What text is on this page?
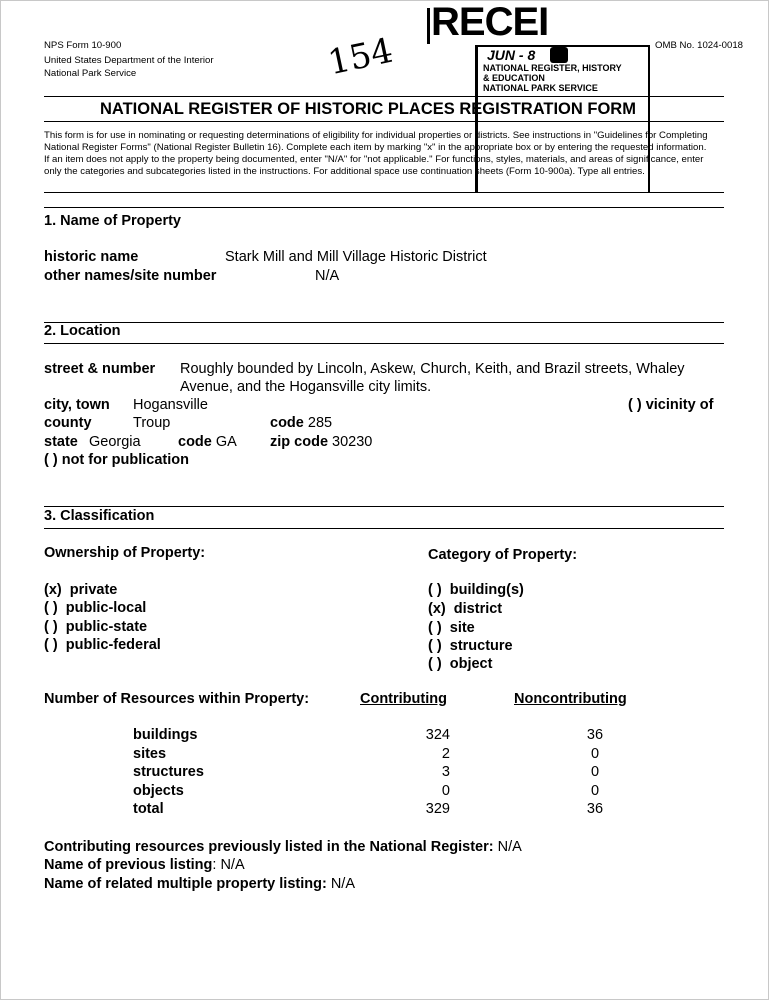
NPS Form 10-900
United States Department of the Interior
National Park Service
OMB No. 1024-0018
154
RECEI
JUN - 8
NATIONAL REGISTER, HISTORY
& EDUCATION
NATIONAL PARK SERVICE
NATIONAL REGISTER OF HISTORIC PLACES REGISTRATION FORM
This form is for use in nominating or requesting determinations of eligibility for individual properties or districts. See instructions in "Guidelines for Completing
National Register Forms" (National Register Bulletin 16). Complete each item by marking "x" in the appropriate box or by entering the requested information.
If an item does not apply to the property being documented, enter "N/A" for "not applicable." For functions, styles, materials, and areas of significance, enter
only the categories and subcategories listed in the instructions. For additional space use continuation sheets (Form 10-900a). Type all entries.
1. Name of Property
historic name	Stark Mill and Mill Village Historic District
other names/site number	N/A
2. Location
street & number Roughly bounded by Lincoln, Askew, Church, Keith, and Brazil streets, Whaley
Avenue, and the Hogansville city limits.
city, town Hogansville	( ) vicinity of
county	Troup	code 285
state Georgia	code GA zip code 30230
( ) not for publication
3. Classification
Ownership of Property:	Category of Property:
(x) private
( ) public-local
( ) public-state
( ) public-federal
( ) building(s)
(x) district
( ) site
( ) structure
( ) object
Number of Resources within Property:	Contributing	Noncontributing
buildings	324	36
sites	2	0
structures	3	0
objects	0	0
total	329	36
Contributing resources previously listed in the National Register: N/A
Name of previous listing: N/A
Name of related multiple property listing: N/A
